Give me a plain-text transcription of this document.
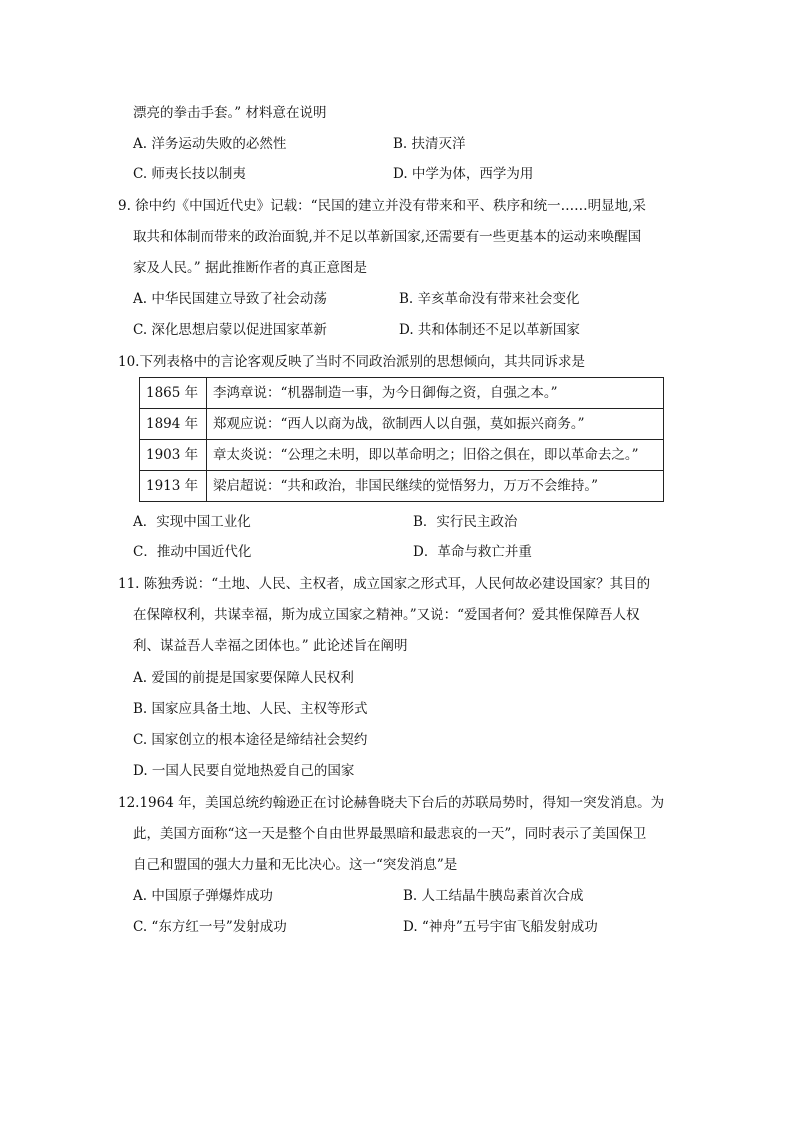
漂亮的拳击手套。” 材料意在说明
A. 洋务运动失败的必然性	B. 扶清灭洋
C. 师夷长技以制夷	D. 中学为体，西学为用
9. 徐中约《中国近代史》记载：“民国的建立并没有带来和平、秩序和统一……明显地,采
取共和体制而带来的政治面貌,并不足以革新国家,还需要有一些更基本的运动来唤醒国
家及人民。” 据此推断作者的真正意图是
A. 中华民国建立导致了社会动荡	B. 辛亥革命没有带来社会变化
C. 深化思想启蒙以促进国家革新	D. 共和体制还不足以革新国家
10.下列表格中的言论客观反映了当时不同政治派别的思想倾向，其共同诉求是
1865 年	李鸿章说：“机器制造一事，为今日御侮之资，自强之本。”
1894 年	郑观应说：“西人以商为战，欲制西人以自强，莫如振兴商务。”
1903 年	章太炎说：“公理之未明，即以革命明之；旧俗之俱在，即以革命去之。”
1913 年	梁启超说：“共和政治，非国民继续的觉悟努力，万万不会维持。”
A．实现中国工业化	B．实行民主政治
C．推动中国近代化	D．革命与救亡并重
11. 陈独秀说：“土地、人民、主权者，成立国家之形式耳，人民何故必建设国家？其目的
在保障权利，共谋幸福，斯为成立国家之精神。”又说：“爱国者何？爱其惟保障吾人权
利、谋益吾人幸福之团体也。” 此论述旨在阐明
A. 爱国的前提是国家要保障人民权利
B. 国家应具备土地、人民、主权等形式
C. 国家创立的根本途径是缔结社会契约
D. 一国人民要自觉地热爱自己的国家
12.1964 年，美国总统约翰逊正在讨论赫鲁晓夫下台后的苏联局势时，得知一突发消息。为
此，美国方面称“这一天是整个自由世界最黑暗和最悲哀的一天”，同时表示了美国保卫
自己和盟国的强大力量和无比决心。这一“突发消息”是
A. 中国原子弹爆炸成功	B. 人工结晶牛胰岛素首次合成
C. “东方红一号”发射成功	D. “神舟”五号宇宙飞船发射成功
